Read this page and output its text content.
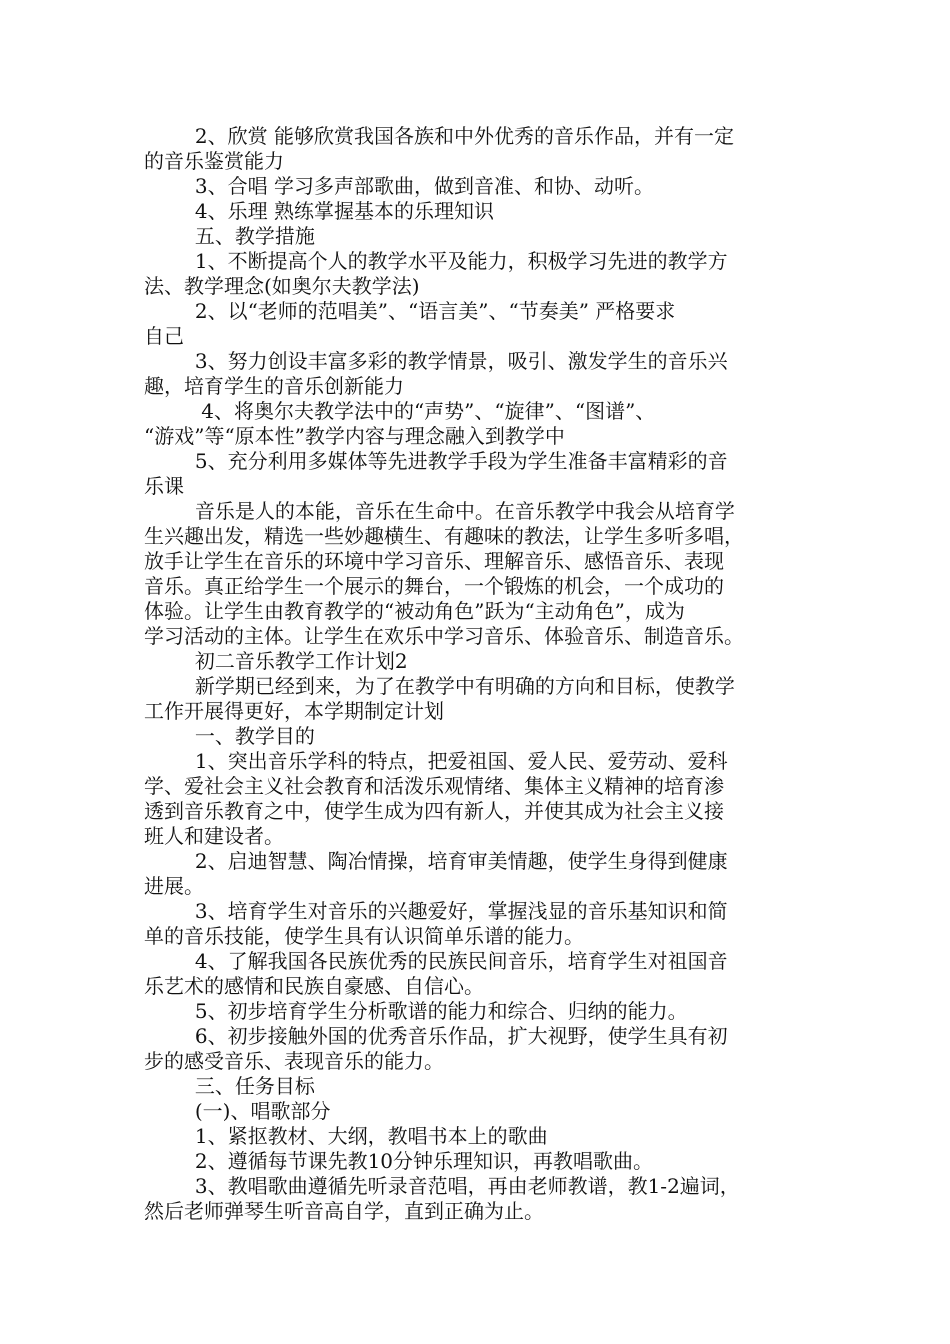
2、欣赏 能够欣赏我国各族和中外优秀的音乐作品，并有一定
的音乐鉴赏能力
3、合唱 学习多声部歌曲，做到音准、和协、动听。
4、乐理 熟练掌握基本的乐理知识
五、教学措施
1、不断提高个人的教学水平及能力，积极学习先进的教学方
法、教学理念(如奥尔夫教学法)
2、以“老师的范唱美”、“语言美”、“节奏美” 严格要求
自己
3、努力创设丰富多彩的教学情景，吸引、激发学生的音乐兴
趣，培育学生的音乐创新能力
4、将奥尔夫教学法中的“声势”、“旋律”、“图谱”、
“游戏”等“原本性”教学内容与理念融入到教学中
5、充分利用多媒体等先进教学手段为学生准备丰富精彩的音
乐课
音乐是人的本能，音乐在生命中。在音乐教学中我会从培育学
生兴趣出发，精选一些妙趣横生、有趣味的教法，让学生多听多唱，
放手让学生在音乐的环境中学习音乐、理解音乐、感悟音乐、表现
音乐。真正给学生一个展示的舞台，一个锻炼的机会，一个成功的
体验。让学生由教育教学的“被动角色”跃为“主动角色”，成为
学习活动的主体。让学生在欢乐中学习音乐、体验音乐、制造音乐。
初二音乐教学工作计划2
新学期已经到来，为了在教学中有明确的方向和目标，使教学
工作开展得更好，本学期制定计划
一、教学目的
1、突出音乐学科的特点，把爱祖国、爱人民、爱劳动、爱科
学、爱社会主义社会教育和活泼乐观情绪、集体主义精神的培育渗
透到音乐教育之中，使学生成为四有新人，并使其成为社会主义接
班人和建设者。
2、启迪智慧、陶冶情操，培育审美情趣，使学生身得到健康
进展。
3、培育学生对音乐的兴趣爱好，掌握浅显的音乐基知识和简
单的音乐技能，使学生具有认识简单乐谱的能力。
4、了解我国各民族优秀的民族民间音乐，培育学生对祖国音
乐艺术的感情和民族自豪感、自信心。
5、初步培育学生分析歌谱的能力和综合、归纳的能力。
6、初步接触外国的优秀音乐作品，扩大视野，使学生具有初
步的感受音乐、表现音乐的能力。
三、任务目标
(一)、唱歌部分
1、紧抠教材、大纲，教唱书本上的歌曲
2、遵循每节课先教10分钟乐理知识，再教唱歌曲。
3、教唱歌曲遵循先听录音范唱，再由老师教谱，教1-2遍词，
然后老师弹琴生听音高自学，直到正确为止。
